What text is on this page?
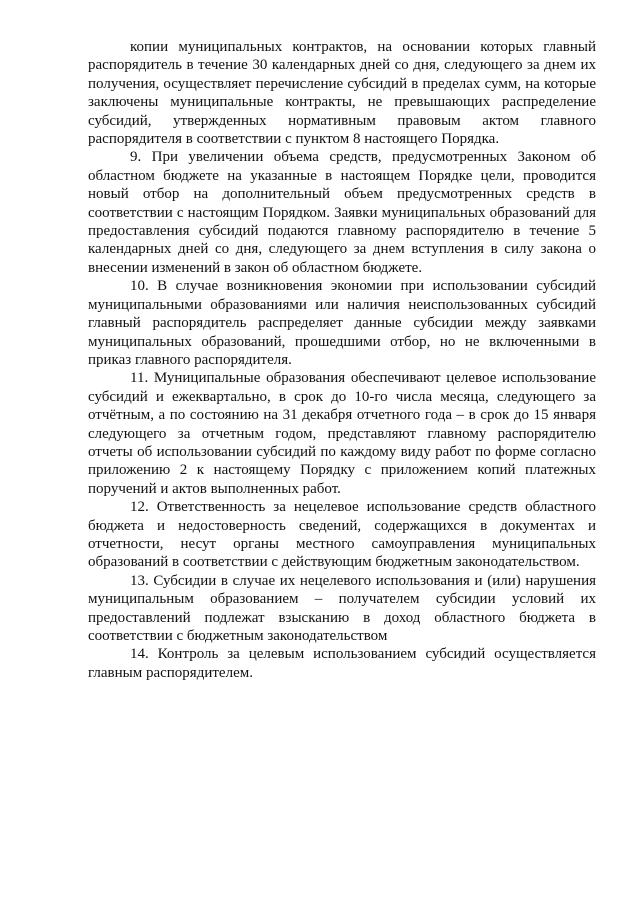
копии муниципальных контрактов, на основании которых главный распорядитель в течение 30 календарных дней со дня, следующего за днем их получения, осуществляет перечисление субсидий в пределах сумм, на которые заключены муниципальные контракты, не превышающих распределение субсидий, утвержденных нормативным правовым актом главного распорядителя в соответствии с пунктом 8 настоящего Порядка.

9. При увеличении объема средств, предусмотренных Законом об областном бюджете на указанные в настоящем Порядке цели, проводится новый отбор на дополнительный объем предусмотренных средств в соответствии с настоящим Порядком. Заявки муниципальных образований для предоставления субсидий подаются главному распорядителю в течение 5 календарных дней со дня, следующего за днем вступления в силу закона о внесении изменений в закон об областном бюджете.

10. В случае возникновения экономии при использовании субсидий муниципальными образованиями или наличия неиспользованных субсидий главный распорядитель распределяет данные субсидии между заявками муниципальных образований, прошедшими отбор, но не включенными в приказ главного распорядителя.

11. Муниципальные образования обеспечивают целевое использование субсидий и ежеквартально, в срок до 10-го числа месяца, следующего за отчётным, а по состоянию на 31 декабря отчетного года – в срок до 15 января следующего за отчетным годом, представляют главному распорядителю отчеты об использовании субсидий по каждому виду работ по форме согласно приложению 2 к настоящему Порядку с приложением копий платежных поручений и актов выполненных работ.

12. Ответственность за нецелевое использование средств областного бюджета и недостоверность сведений, содержащихся в документах и отчетности, несут органы местного самоуправления муниципальных образований в соответствии с действующим бюджетным законодательством.

13. Субсидии в случае их нецелевого использования и (или) нарушения муниципальным образованием – получателем субсидии условий их предоставлений подлежат взысканию в доход областного бюджета в соответствии с бюджетным законодательством

14. Контроль за целевым использованием субсидий осуществляется главным распорядителем.
